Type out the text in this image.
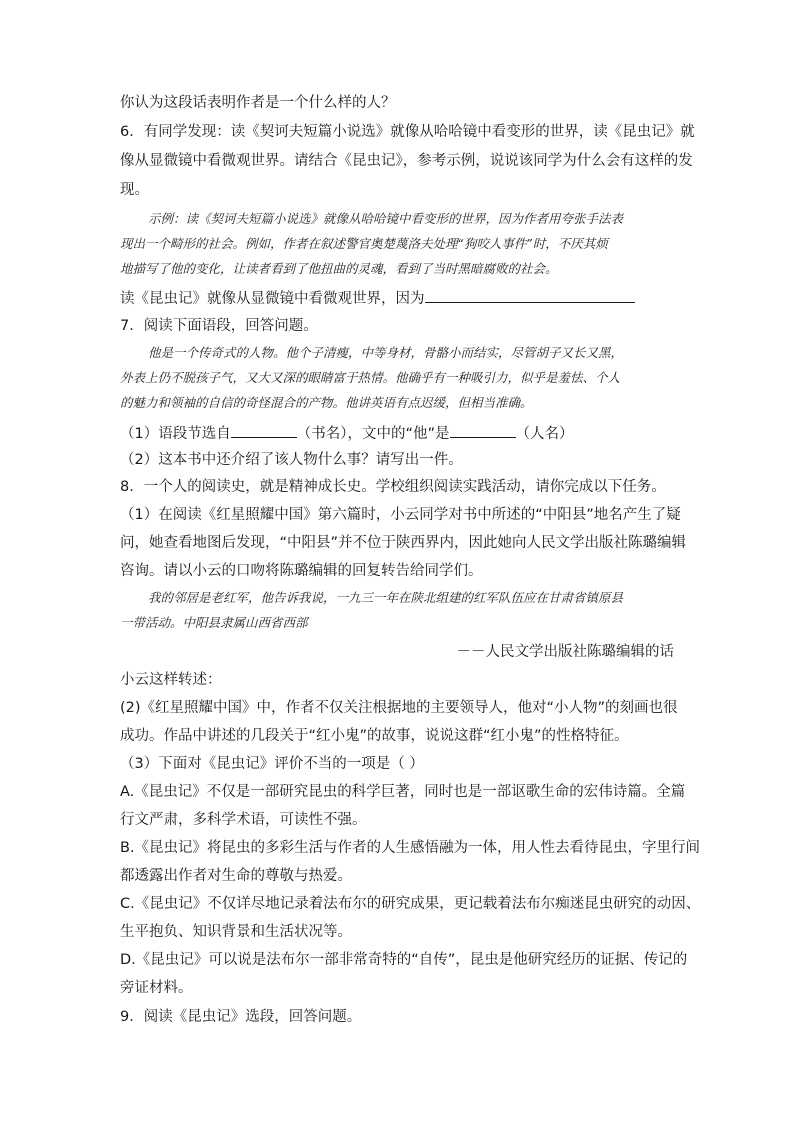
你认为这段话表明作者是一个什么样的人？
6．有同学发现：读《契诃夫短篇小说选》就像从哈哈镜中看变形的世界，读《昆虫记》就
像从显微镜中看微观世界。请结合《昆虫记》，参考示例，说说该同学为什么会有这样的发
现。
示例：读《契诃夫短篇小说选》就像从哈哈镜中看变形的世界，因为作者用夸张手法表
现出一个畸形的社会。例如，作者在叙述警官奥楚蔑洛夫处理“狗咬人事件”时，不厌其烦
地描写了他的变化，让读者看到了他扭曲的灵魂，看到了当时黑暗腐败的社会。
读《昆虫记》就像从显微镜中看微观世界，因为
7．阅读下面语段，回答问题。
他是一个传奇式的人物。他个子清瘦，中等身材，骨骼小而结实，尽管胡子又长又黑，
外表上仍不脱孩子气，又大又深的眼睛富于热情。他确乎有一种吸引力，似乎是羞怯、个人
的魅力和领袖的自信的奇怪混合的产物。他讲英语有点迟缓，但相当准确。
（1）语段节选自	（书名），文中的“他”是	（人名）
（2）这本书中还介绍了该人物什么事？请写出一件。
8．一个人的阅读史，就是精神成长史。学校组织阅读实践活动，请你完成以下任务。
（1）在阅读《红星照耀中国》第六篇时，小云同学对书中所述的“中阳县”地名产生了疑
问，她查看地图后发现，“中阳县”并不位于陕西界内，因此她向人民文学出版社陈璐编辑
咨询。请以小云的口吻将陈璐编辑的回复转告给同学们。
我的邻居是老红军，他告诉我说，一九三一年在陕北组建的红军队伍应在甘肃省镇原县
一带活动。中阳县隶属山西省西部
－－人民文学出版社陈璐编辑的话
小云这样转述：
(2)《红星照耀中国》中，作者不仅关注根据地的主要领导人，他对“小人物”的刻画也很
成功。作品中讲述的几段关于“红小鬼”的故事，说说这群“红小鬼”的性格特征。
（3）下面对《昆虫记》评价不当的一项是（ ）
A.《昆虫记》不仅是一部研究昆虫的科学巨著，同时也是一部讴歌生命的宏伟诗篇。全篇
行文严肃，多科学术语，可读性不强。
B.《昆虫记》将昆虫的多彩生活与作者的人生感悟融为一体，用人性去看待昆虫，字里行间
都透露出作者对生命的尊敬与热爱。
C.《昆虫记》不仅详尽地记录着法布尔的研究成果，更记载着法布尔痴迷昆虫研究的动因、
生平抱负、知识背景和生活状况等。
D.《昆虫记》可以说是法布尔一部非常奇特的“自传”，昆虫是他研究经历的证据、传记的
旁证材料。
9．阅读《昆虫记》选段，回答问题。
